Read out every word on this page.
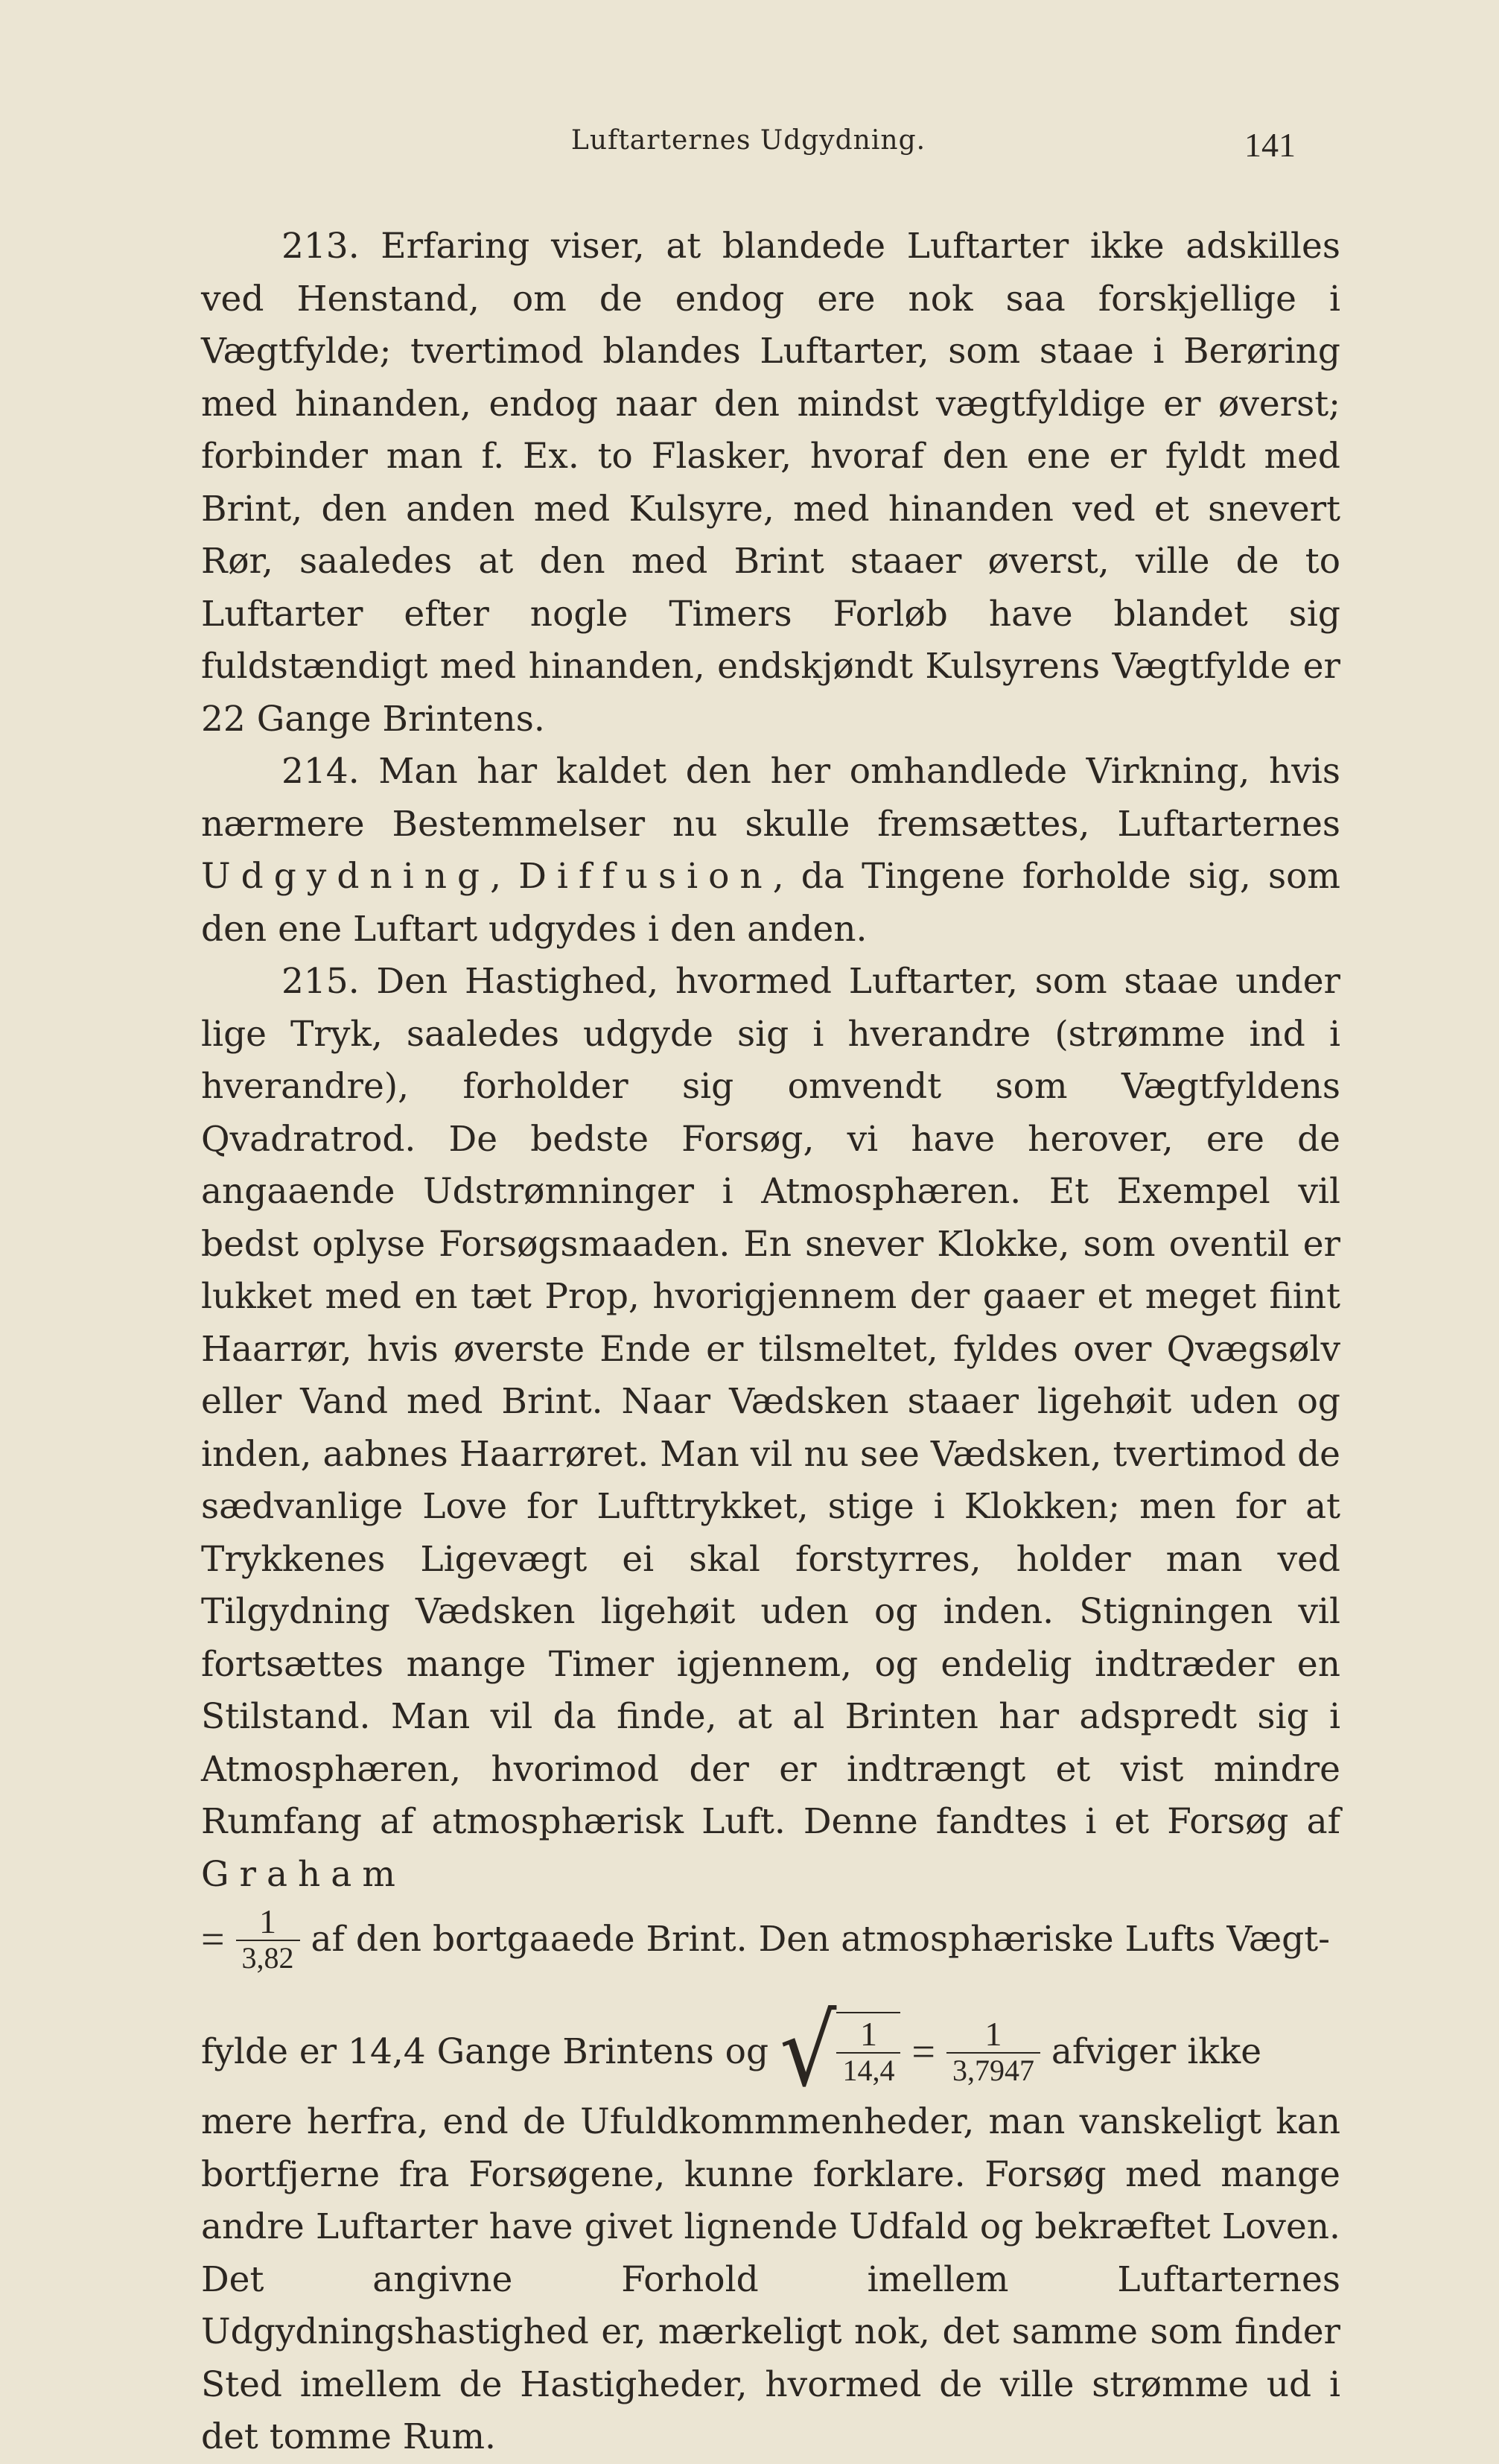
Luftarternes Udgydning.	141

213. Erfaring viser, at blandede Luftarter ikke adskilles ved Henstand, om de endog ere nok saa forskjellige i Vægtfylde; tvertimod blandes Luftarter, som staae i Berøring med hinanden, endog naar den mindst vægtfyldige er øverst; forbinder man f. Ex. to Flasker, hvoraf den ene er fyldt med Brint, den anden med Kulsyre, med hinanden ved et snevert Rør, saaledes at den med Brint staaer øverst, ville de to Luftarter efter nogle Timers Forløb have blandet sig fuldstændigt med hinanden, endskjøndt Kulsyrens Vægtfylde er 22 Gange Brintens.

214. Man har kaldet den her omhandlede Virkning, hvis nærmere Bestemmelser nu skulle fremsættes, Luftarternes Udgydning, Diffusion, da Tingene forholde sig, som den ene Luftart udgydes i den anden.

215. Den Hastighed, hvormed Luftarter, som staae under lige Tryk, saaledes udgyde sig i hverandre (strømme ind i hverandre), forholder sig omvendt som Vægtfyldens Qvadratrod. De bedste Forsøg, vi have herover, ere de angaaende Udstrømninger i Atmosphæren. Et Exempel vil bedst oplyse Forsøgsmaaden. En snever Klokke, som oventil er lukket med en tæt Prop, hvorigjennem der gaaer et meget fiint Haarrør, hvis øverste Ende er tilsmeltet, fyldes over Qvægsølv eller Vand med Brint. Naar Vædsken staaer ligehøit uden og inden, aabnes Haarrøret. Man vil nu see Vædsken, tvertimod de sædvanlige Love for Lufttrykket, stige i Klokken; men for at Trykkenes Ligevægt ei skal forstyrres, holder man ved Tilgydning Vædsken ligehøit uden og inden. Stigningen vil fortsættes mange Timer igjennem, og endelig indtræder en Stilstand. Man vil da finde, at al Brinten har adspredt sig i Atmosphæren, hvorimod der er indtrængt et vist mindre Rumfang af atmosphærisk Luft. Denne fandtes i et Forsøg af Graham

= $\frac{1}{3,82}$ af den bortgaaede Brint. Den atmosphæriske Lufts Vægt-
fylde er 14,4 Gange Brintens og √ $\frac{1}{14,4} = \frac{1}{3,7947}$ afviger ikke

mere herfra, end de Ufuldkommmenheder, man vanskeligt kan bortfjerne fra Forsøgene, kunne forklare. Forsøg med mange andre Luftarter have givet lignende Udfald og bekræftet Loven. Det angivne Forhold imellem Luftarternes Udgydningshastighed er, mærkeligt nok, det samme som finder Sted imellem de Hastigheder, hvormed de ville strømme ud i det tomme Rum.
